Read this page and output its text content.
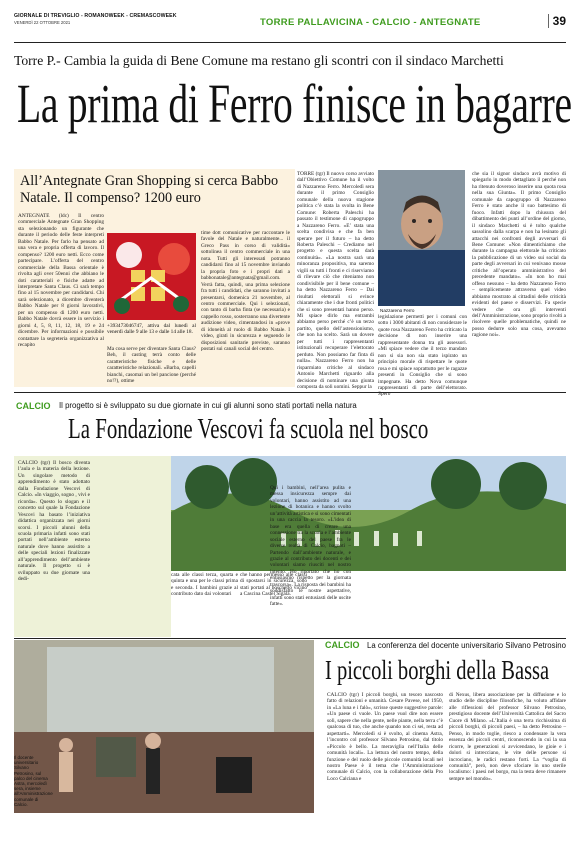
GIORNALE DI TREVIGLIO - ROMANOWEEK - CREMASCOWEEK
VENERDÌ 22 OTTOBRE 2021	TORRE PALLAVICINA - CALCIO - ANTEGNATE	39
Torre P.- Cambia la guida di Bene Comune ma restano gli scontri con il sindaco Marchetti
La prima di Ferro finisce in bagarre
All’Antegnate Gran Shopping si cerca Babbo Natale. Il compenso? 1200 euro
ANTEGNATE (ldc) Il centro commerciale Antegnate Gran Shopping sta selezionando un figurante che durante il periodo delle feste interpreti Babbo Natale. Per farlo ha pensato ad una vera e propria offerta di lavoro. Il compenso? 1200 euro netti. Ecco come partecipare. L’offerta del centro commerciale della Bassa orientale è rivolta agli over 50enni che abbiano le doti caratteriali e fisiche adatte ad interpretare Santa Claus. Ci sarà tempo fino al 15 novembre per candidarsi. Chi sarà selezionato, a dicembre diventerà Babbo Natale per 8 giorni lavorativi, per un compenso di 1200 euro netti. Babbo Natale dovrà essere in servizio i giorni 4, 5, 8, 11, 12, 18, 19 e 24 dicembre. Per informazioni e possibile contattare la segreteria organizzativa al recapito
+393473046747, attiva dal lunedì al venerdì dalle 9 alle 13 e dalle 14 alle 18.
Ma cosa serve per diventare Santa Claus? Beh, il casting terrà conto delle caratteristiche fisiche e delle caratteristiche relazionali. «Barba, capelli bianchi, casomai un bel pancione (perché no!?), ottime
time dott comunicative per raccontare le favole del Natale e naturalmente... il Greco Pass in corso di validità» sottolinea il centro commerciale in una nota. Tutti gli interessati potranno candidarsi fino al 15 novembre inviando la propria foto e i propri dati a babbonatale@antegnata@gmail.com. Verrà fatta, quindi, una prima selezione fra tutti i candidati, che saranno invitati a presentarsi, domenica 21 novembre, al centro commerciale. Qui i selezionati, con tanto di barba finta (se necessaria) e cappello rosso, sosterranno una divertente audizione video, cimentandosi in «prove di idoneità al ruolo di Babbo Natale. I video, girati in sicurezza e seguendo le disposizioni sanitarie previste, saranno postati sui canali social del centro.
TORRE (tgr) Il nuovo corso avviato dall’Obiettivo Comune ha il volto di Nazzareno Ferro. Mercoledì sera durante il primo Consiglio comunale della nuova stagione politica c’è stata la svolta in Bene Comune: Roberta Paleschi ha passato il testimone di capogruppo a Nazzareno Ferro. «E’ stata una scelta condivisa e che fa ben sperare per il futuro – ha detto Roberta Paleschi – Crediamo nel progetto e questa scelta darà continuità». «La nostra sarà una minoranza propositiva, ma saremo vigili su tutti i fronti e ci riserviamo di rilevare ciò che riteniamo non condivisibile per il bene comune – ha detto Nazzareno Ferro – Dai risultati elettorali si evince chiaramente che i due fronti politici che si sono presentati hanno perso. Mi spiace dirlo ma entrambi abbiamo perso perché c’è un terzo partito, quello dell’astensionismo, che non ha scelto. Sarà un dovere per tutti i rappresentanti istituzionali recuperare l’elettorato perduto. Non possiamo far finta di nulla». Nazzareno Ferro non ha risparmiato critiche al sindaco Antonio Marchetti riguardo alla decisione di nominare una giunta composta da soli uomini. Seppur la
Nazzareno Ferro
legislazione permetti per i comuni con sotto i 3000 abitanti di non considerare le quote rosa Nazzareno Ferro ha criticato la decisione di non inserire una rappresentante donna tra gli assessori. «Mi spiace vedere che il terzo mandato non si sia non sia stato ispirato un principio morale di rispettare le quote rosa e mi spiace soprattutto per le ragazze presenti in Consiglio che si sono impegnate. Ha detto Nova comunque rappresentanti di parte dell’elettorato. Spero
che sia il signor sindaco avrà motivo di spiegarlo in modo dettagliato il perché non ha ritenuto doveroso inserire una quota rosa nella sua Giunta». Il primo Consiglio comunale da capogruppo di Nazzareno Ferro è stato anche il suo battesimo di fuoco. Infatti dopo la chiusura del dibattimento dei punti all’ordine del giorno, il sindaco Marchetti si è tolto qualche sassolino dalla scarpa e non ha lesinato gli attacchi nei confronti degli avversari di Bene Comune: «Non dimentichiamo che durante la campagna elettorale ha criticato la pubblicazione di un video sui social da parte degli avversari in cui venivano mosse critiche all’operato amministrativo del precedente mandato». «In non ho mai offeso nessuno – ha detto Nazzareno Ferro – semplicemente attraverso quel video abbiamo mostrato ai cittadini delle criticità evidenti del paese e disservizi. Fa specie vedere che ora gli interventi dell’Amministrazione, sono proprio rivolti a risolvere quelle problematiche, quindi ne posso dedurre solo una cosa, avevamo ragione noi».
CALCIO Il progetto si è sviluppato su due giornate in cui gli alunni sono stati portati nella natura
La Fondazione Vescovi fa scuola nel bosco
CALCIO (tgr) Il bosco diventa l’aula e la materia della lezione. Un singolare metodo di apprendimento è stato adottato dalla Fondazione Vescovi di Calcio. «In viaggio, sogno , vivi e ricorda». Questo lo slogan e il concetto sul quale la Fondazione Vescovi ha basato l’iniziativa didattica organizzata nei giorni scorsi. I piccoli alunni della scuola primaria infatti sono stati portati nell’ambiente esterno naturale dove hanno assistito a delle speciali lezioni finalizzate all’apprendimento dell’ambiente naturale. Il progetto si è sviluppato su due giornate una dedi-
cata alle classi terza, quarta e quinta e una per le classi prima e seconda. I bambini grazie al contributo dato dai volontari
che hanno permesso alle classi di spostarsi in sicurezza, sono stati portati al boschetto vicino a Cascina Castel Sigala.
Qui i bambini, nell’area pulita e messa insicurezza sempre dai volontari, hanno assistito ad una lezione di botanica e hanno svolto un’attività artistica e si sono cimentati in una caccia la tesoro. «L’idea di base era quella di creare una connessione tra la scuola e l’ambiente sociale esterno del paese fra le diverse realtà di Calcio, bagnoti – Partendo dall’ambiente naturale, e grazie al contributo dei docenti e dei volontari siamo riusciti nel nostro intento. Ho riportato che ho con entusiasmo rispetto per la giornata trascorsa». La risposta dei bambini ha soddisfatto le nostre aspettative, infatti sono stati entusiasti delle uscite fatte».
Il docente universitario Silvano Petrosino, sul palco del cinema Astra, mercoledì sera, insieme all’Amministrazione comunale di Calcio.
CALCIO La conferenza del docente universitario Silvano Petrosino
I piccoli borghi della Bassa
CALCIO (tgr) I piccoli borghi, un tesoro nascosto fatto di relazioni e umanità. Cesare Pavese, nel 1950, in «La luna e i falò», scrisse queste suggestive parole: «Un paese ci vuole. Un paese vuol dire non essere soli, sapere che nella gente, nelle piante, nella terra c’è qualcosa di tuo, che anche quando non ci sei, resta ad aspettarti». Mercoledì si è svolto, al cinema Astra, l’incontro col professor Silvano Petrosino, dal titolo «Piccolo è bello. La meraviglia nell’Italia delle comunità locali». La lettura del nostro tempo, della funzione e del ruolo delle piccole comunità locali nel nostro Paese è il tema che l’Amministrazione comunale di Calcio, con la collaborazione della Pro Loco Calciana e
di Nexus, libera associazione per la diffusione e lo studio delle discipline filosofiche, ha voluto affidare alle riflessioni del professor Silvano Petrosino, prestigioso docente dell’Università Cattolica del Sacro Cuore di Milano. «L’Italia è una terra ricchissima di piccoli borghi, di piccoli paesi, – ha detto Petrosino – Penso, in modo toglie, riesco a condensare la vera essenza dei piccoli centri, riconoscendo in cui la sua ricorre, le generazioni si avvicendano, le gioie e i dolori si intrecciano, le vite delle persone si incrociano, le radici restano forti. La “voglia di comunità”, però, non deve sfociare in uno sterile localismo: i paesi nel borgo, ma la testa deve rimanere sempre nel mondo».
